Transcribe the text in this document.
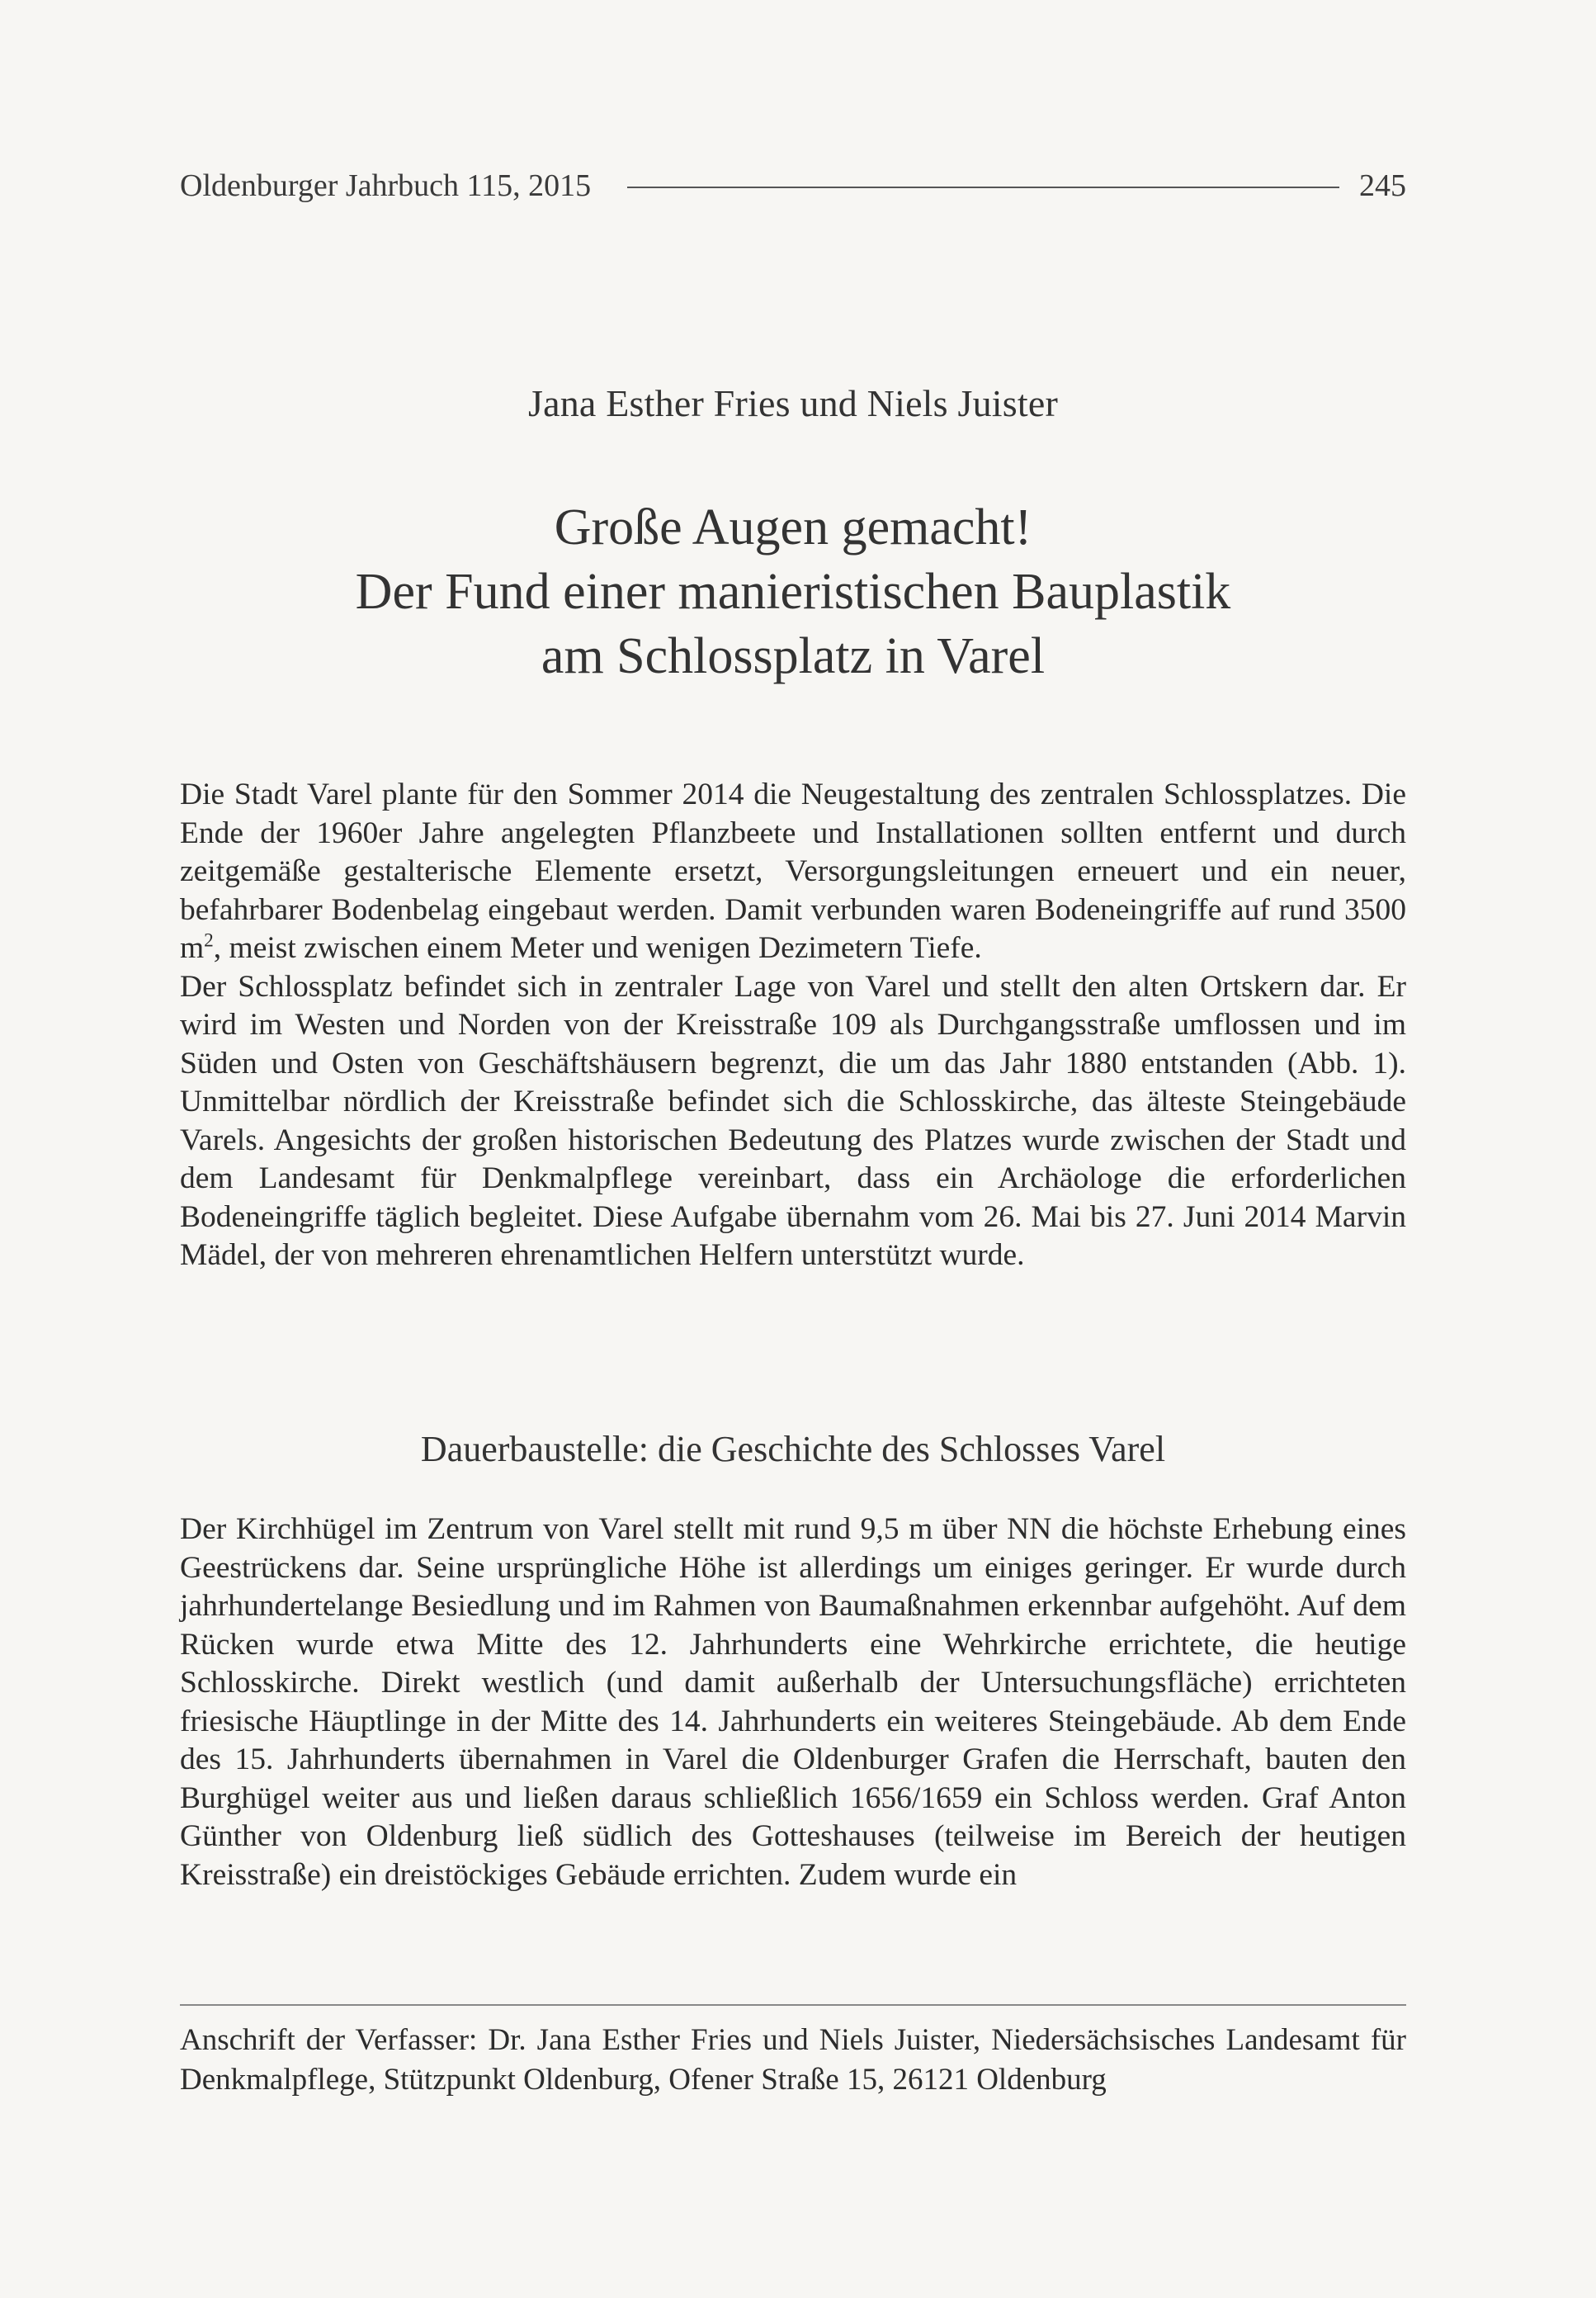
Oldenburger Jahrbuch 115, 2015	245
Jana Esther Fries und Niels Juister
Große Augen gemacht!
Der Fund einer manieristischen Bauplastik
am Schlossplatz in Varel

Die Stadt Varel plante für den Sommer 2014 die Neugestaltung des zentralen Schlossplatzes. Die Ende der 1960er Jahre angelegten Pflanzbeete und Installationen sollten entfernt und durch zeitgemäße gestalterische Elemente ersetzt, Versorgungsleitungen erneuert und ein neuer, befahrbarer Bodenbelag eingebaut werden. Damit verbunden waren Bodeneingriffe auf rund 3500 $m^2$, meist zwischen einem Meter und wenigen Dezimetern Tiefe.

Der Schlossplatz befindet sich in zentraler Lage von Varel und stellt den alten Ortskern dar. Er wird im Westen und Norden von der Kreisstraße 109 als Durchgangsstraße umflossen und im Süden und Osten von Geschäftshäusern begrenzt, die um das Jahr 1880 entstanden (Abb. 1). Unmittelbar nördlich der Kreisstraße befindet sich die Schlosskirche, das älteste Steingebäude Varels. Angesichts der großen historischen Bedeutung des Platzes wurde zwischen der Stadt und dem Landesamt für Denkmalpflege vereinbart, dass ein Archäologe die erforderlichen Bodeneingriffe täglich begleitet. Diese Aufgabe übernahm vom 26. Mai bis 27. Juni 2014 Marvin Mädel, der von mehreren ehrenamtlichen Helfern unterstützt wurde.

Dauerbaustelle: die Geschichte des Schlosses Varel

Der Kirchhügel im Zentrum von Varel stellt mit rund 9,5 m über NN die höchste Erhebung eines Geestrückens dar. Seine ursprüngliche Höhe ist allerdings um einiges geringer. Er wurde durch jahrhundertelange Besiedlung und im Rahmen von Baumaßnahmen erkennbar aufgehöht. Auf dem Rücken wurde etwa Mitte des 12. Jahrhunderts eine Wehrkirche errichtete, die heutige Schlosskirche. Direkt westlich (und damit außerhalb der Untersuchungsfläche) errichteten friesische Häuptlinge in der Mitte des 14. Jahrhunderts ein weiteres Steingebäude. Ab dem Ende des 15. Jahrhunderts übernahmen in Varel die Oldenburger Grafen die Herrschaft, bauten den Burghügel weiter aus und ließen daraus schließlich 1656/1659 ein Schloss werden. Graf Anton Günther von Oldenburg ließ südlich des Gotteshauses (teilweise im Bereich der heutigen Kreisstraße) ein dreistöckiges Gebäude errichten. Zudem wurde ein

Anschrift der Verfasser: Dr. Jana Esther Fries und Niels Juister, Niedersächsisches Landesamt für Denkmalpflege, Stützpunkt Oldenburg, Ofener Straße 15, 26121 Oldenburg
